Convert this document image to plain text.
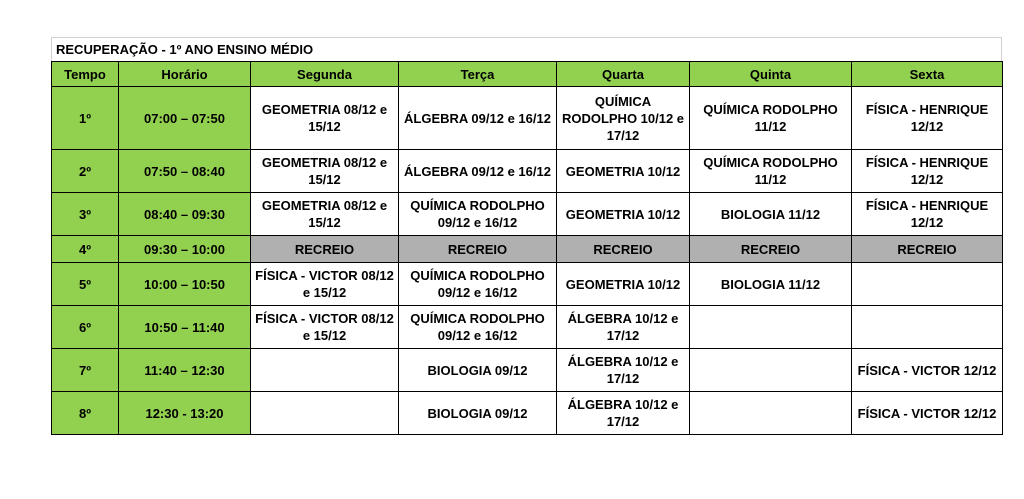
RECUPERAÇÃO - 1º ANO ENSINO MÉDIO
Tempo	Horário	Segunda	Terça	Quarta	Quinta	Sexta
1º	07:00 – 07:50	GEOMETRIA 08/12 e 15/12	ÁLGEBRA 09/12 e 16/12	QUÍMICA RODOLPHO 10/12 e 17/12	QUÍMICA RODOLPHO 11/12	FÍSICA - HENRIQUE 12/12
2º	07:50 – 08:40	GEOMETRIA 08/12 e 15/12	ÁLGEBRA 09/12 e 16/12	GEOMETRIA 10/12	QUÍMICA RODOLPHO 11/12	FÍSICA - HENRIQUE 12/12
3º	08:40 – 09:30	GEOMETRIA 08/12 e 15/12	QUÍMICA RODOLPHO 09/12 e 16/12	GEOMETRIA 10/12	BIOLOGIA 11/12	FÍSICA - HENRIQUE 12/12
4º	09:30 – 10:00	RECREIO	RECREIO	RECREIO	RECREIO	RECREIO
5º	10:00 – 10:50	FÍSICA - VICTOR 08/12 e 15/12	QUÍMICA RODOLPHO 09/12 e 16/12	GEOMETRIA 10/12	BIOLOGIA 11/12	
6º	10:50 – 11:40	FÍSICA - VICTOR 08/12 e 15/12	QUÍMICA RODOLPHO 09/12 e 16/12	ÁLGEBRA 10/12 e 17/12		
7º	11:40 – 12:30		BIOLOGIA 09/12	ÁLGEBRA 10/12 e 17/12		FÍSICA - VICTOR 12/12
8º	12:30 - 13:20		BIOLOGIA 09/12	ÁLGEBRA 10/12 e 17/12		FÍSICA - VICTOR 12/12
